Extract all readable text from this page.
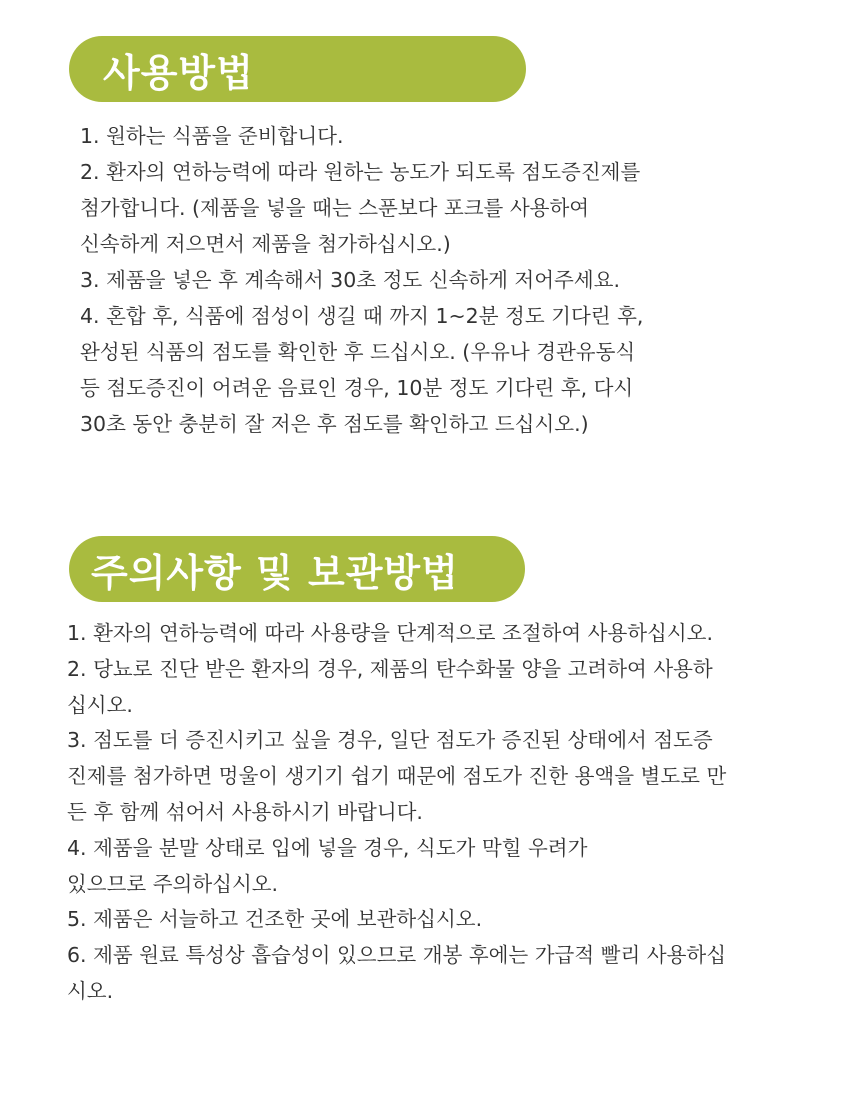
사용방법
1. 원하는 식품을 준비합니다.
2. 환자의 연하능력에 따라 원하는 농도가 되도록 점도증진제를
첨가합니다. (제품을 넣을 때는 스푼보다 포크를 사용하여
신속하게 저으면서 제품을 첨가하십시오.)
3. 제품을 넣은 후 계속해서 30초 정도 신속하게 저어주세요.
4. 혼합 후, 식품에 점성이 생길 때 까지 1~2분 정도 기다린 후,
완성된 식품의 점도를 확인한 후 드십시오. (우유나 경관유동식
등 점도증진이 어려운 음료인 경우, 10분 정도 기다린 후, 다시
30초 동안 충분히 잘 저은 후 점도를 확인하고 드십시오.)
주의사항 및 보관방법
1. 환자의 연하능력에 따라 사용량을 단계적으로 조절하여 사용하십시오.
2. 당뇨로 진단 받은 환자의 경우, 제품의 탄수화물 양을 고려하여 사용하
십시오.
3. 점도를 더 증진시키고 싶을 경우, 일단 점도가 증진된 상태에서 점도증
진제를 첨가하면 멍울이 생기기 쉽기 때문에 점도가 진한 용액을 별도로 만
든 후 함께 섞어서 사용하시기 바랍니다.
4. 제품을 분말 상태로 입에 넣을 경우, 식도가 막힐 우려가
있으므로 주의하십시오.
5. 제품은 서늘하고 건조한 곳에 보관하십시오.
6. 제품 원료 특성상 흡습성이 있으므로 개봉 후에는 가급적 빨리 사용하십
시오.
